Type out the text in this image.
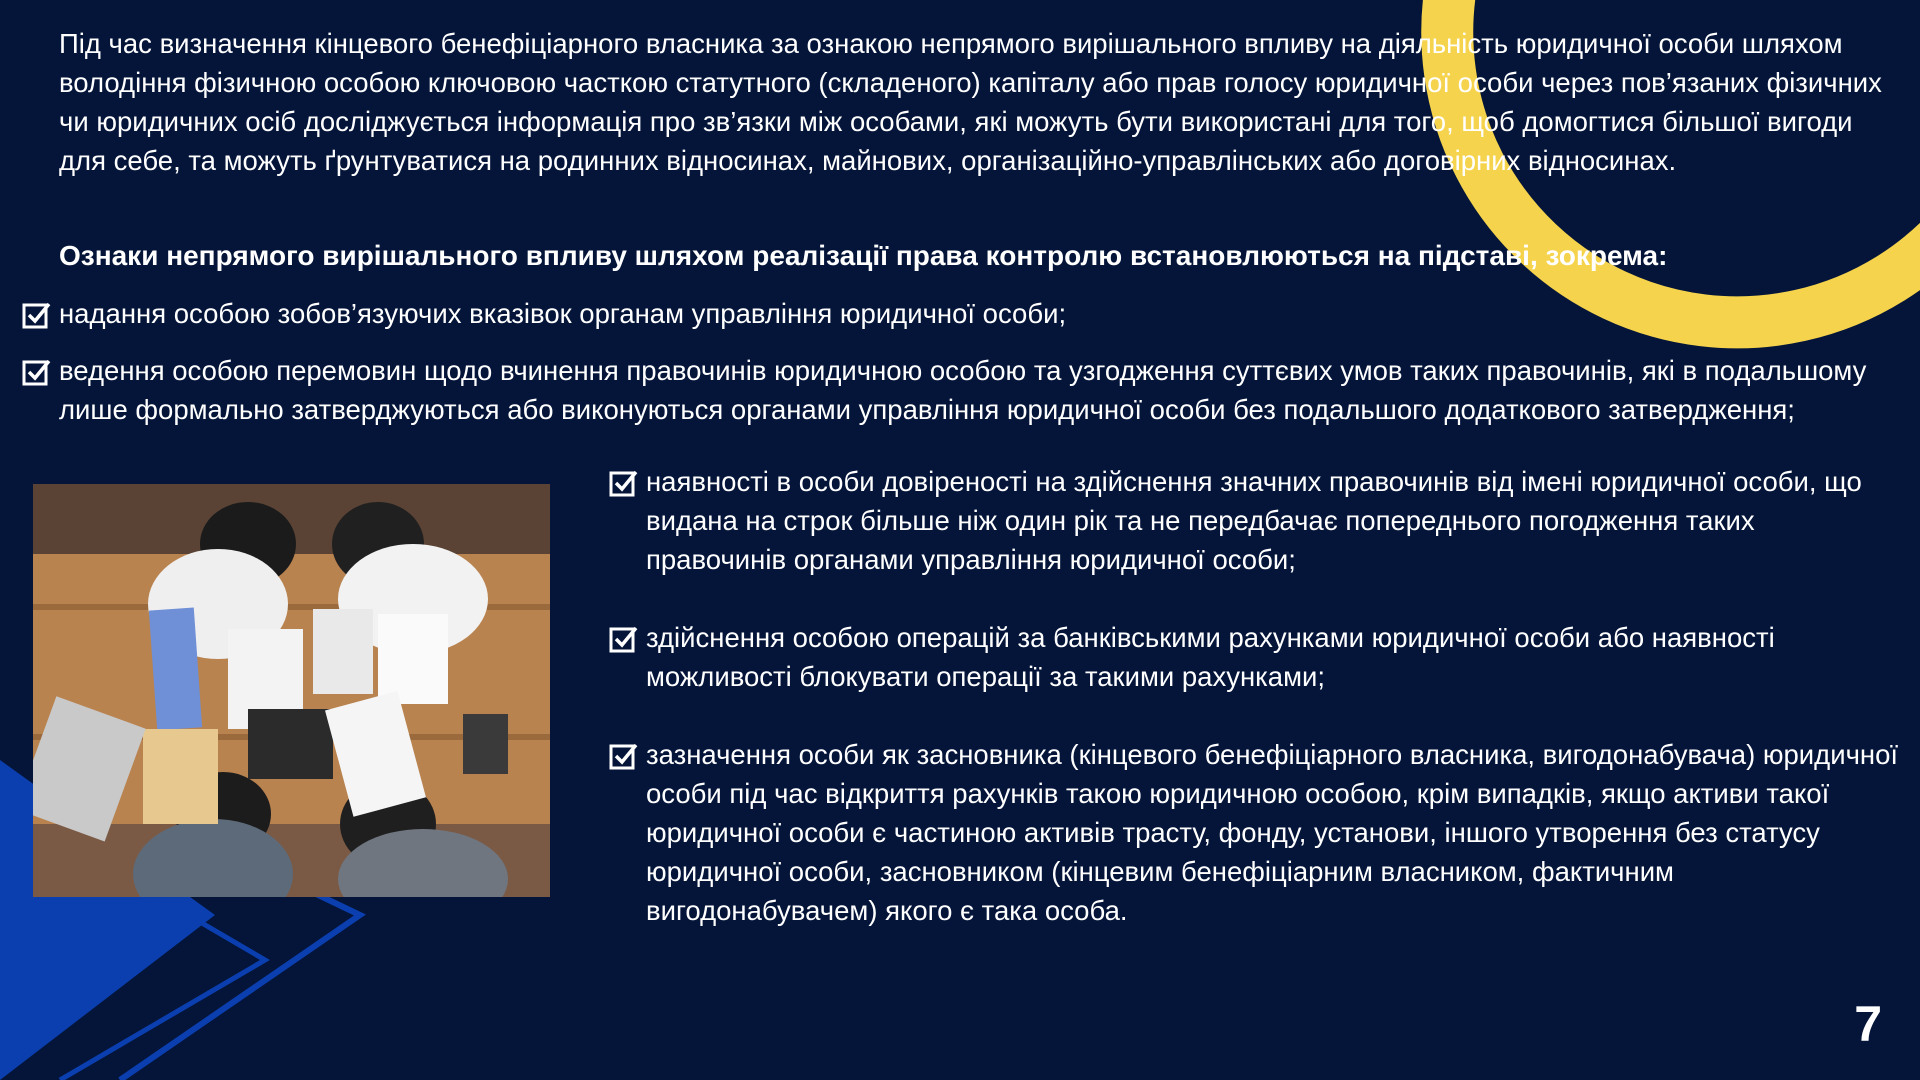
Під час визначення кінцевого бенефіціарного власника за ознакою непрямого вирішального впливу на діяльність юридичної особи шляхом володіння фізичною особою ключовою часткою статутного (складеного) капіталу або прав голосу юридичної особи через пов’язаних фізичних чи юридичних осіб досліджується інформація про зв’язки між особами, які можуть бути використані для того, щоб домогтися більшої вигоди для себе, та можуть ґрунтуватися на родинних відносинах, майнових, організаційно-управлінських або договірних відносинах.

Ознаки непрямого вирішального впливу шляхом реалізації права контролю встановлюються на підставі, зокрема:

надання особою зобов’язуючих вказівок органам управління юридичної особи;

ведення особою перемовин щодо вчинення правочинів юридичною особою та узгодження суттєвих умов таких правочинів, які в подальшому лише формально затверджуються або виконуються органами управління юридичної особи без подальшого додаткового затвердження;

наявності в особи довіреності на здійснення значних правочинів від імені юридичної особи, що видана на строк більше ніж один рік та не передбачає попереднього погодження таких правочинів органами управління юридичної особи;

здійснення особою операцій за банківськими рахунками юридичної особи або наявності можливості блокувати операції за такими рахунками;

зазначення особи як засновника (кінцевого бенефіціарного власника, вигодонабувача) юридичної особи під час відкриття рахунків такою юридичною особою, крім випадків, якщо активи такої юридичної особи є частиною активів трасту, фонду, установи, іншого утворення без статусу юридичної особи, засновником (кінцевим бенефіціарним власником, фактичним вигодонабувачем) якого є така особа.

7
